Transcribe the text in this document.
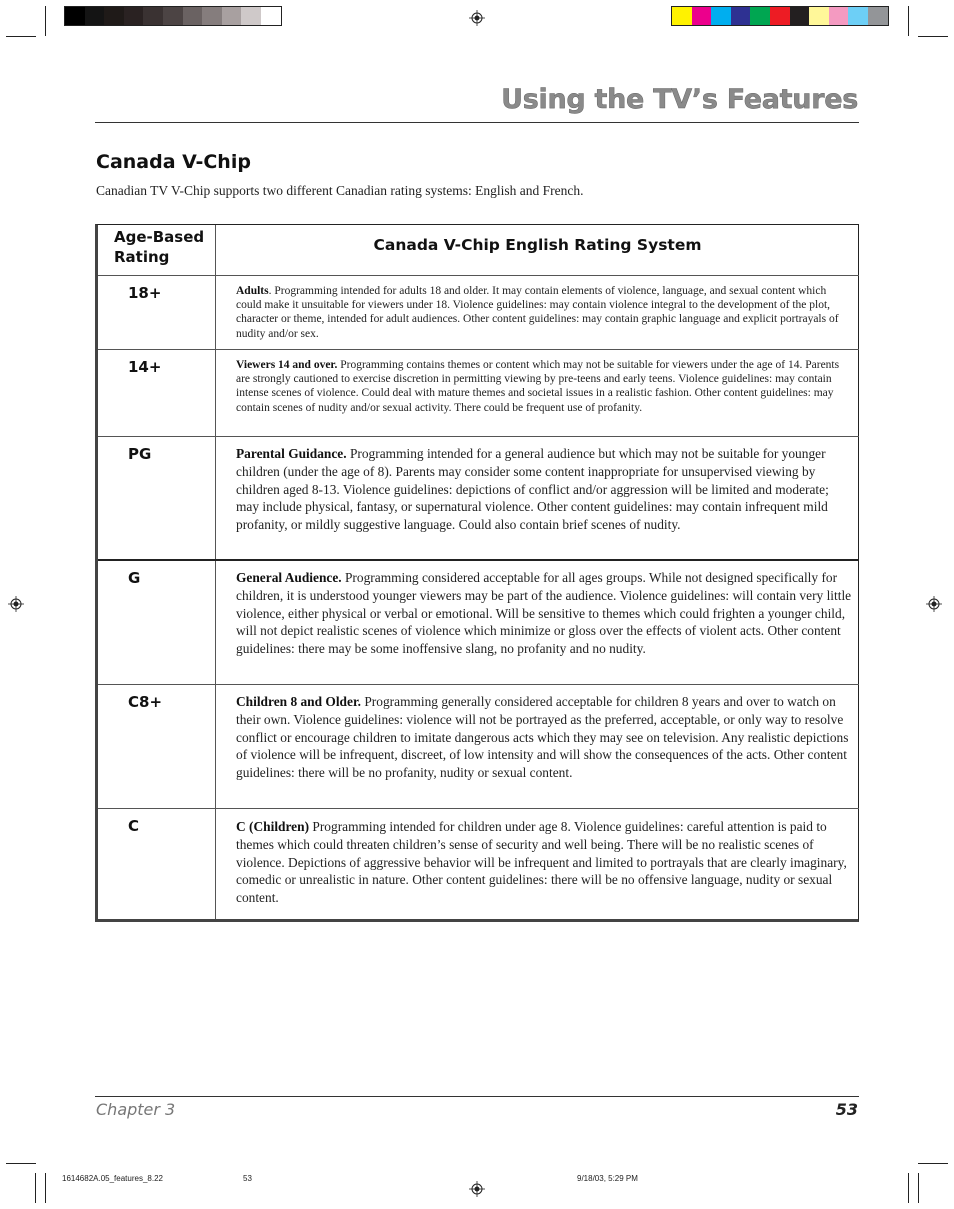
Using the TV’s Features
Canada V-Chip
Canadian TV V-Chip supports two different Canadian rating systems: English and French.
Age-Based Rating
Canada V-Chip English Rating System
18+	Adults. Programming intended for adults 18 and older. It may contain elements of violence, language, and sexual content which could make it unsuitable for viewers under 18. Violence guidelines: may contain violence integral to the development of the plot, character or theme, intended for adult audiences. Other content guidelines: may contain graphic language and explicit portrayals of nudity and/or sex.
14+	Viewers 14 and over. Programming contains themes or content which may not be suitable for viewers under the age of 14. Parents are strongly cautioned to exercise discretion in permitting viewing by pre-teens and early teens. Violence guidelines: may contain intense scenes of violence. Could deal with mature themes and societal issues in a realistic fashion. Other content guidelines: may contain scenes of nudity and/or sexual activity. There could be frequent use of profanity.
PG	Parental Guidance. Programming intended for a general audience but which may not be suitable for younger children (under the age of 8). Parents may consider some content inappropriate for unsupervised viewing by children aged 8-13. Violence guidelines: depictions of conflict and/or aggression will be limited and moderate; may include physical, fantasy, or supernatural violence. Other content guidelines: may contain infrequent mild profanity, or mildly suggestive language. Could also contain brief scenes of nudity.
G	General Audience. Programming considered acceptable for all ages groups. While not designed specifically for children, it is understood younger viewers may be part of the audience. Violence guidelines: will contain very little violence, either physical or verbal or emotional. Will be sensitive to themes which could frighten a younger child, will not depict realistic scenes of violence which minimize or gloss over the effects of violent acts. Other content guidelines: there may be some inoffensive slang, no profanity and no nudity.
C8+	Children 8 and Older. Programming generally considered acceptable for children 8 years and over to watch on their own. Violence guidelines: violence will not be portrayed as the preferred, acceptable, or only way to resolve conflict or encourage children to imitate dangerous acts which they may see on television. Any realistic depictions of violence will be infrequent, discreet, of low intensity and will show the consequences of the acts. Other content guidelines: there will be no profanity, nudity or sexual content.
C	C (Children) Programming intended for children under age 8. Violence guidelines: careful attention is paid to themes which could threaten children’s sense of security and well being. There will be no realistic scenes of violence. Depictions of aggressive behavior will be infrequent and limited to portrayals that are clearly imaginary, comedic or unrealistic in nature. Other content guidelines: there will be no offensive language, nudity or sexual content.
Chapter 3	53
1614682A.05_features_8.22	53	9/18/03, 5:29 PM
